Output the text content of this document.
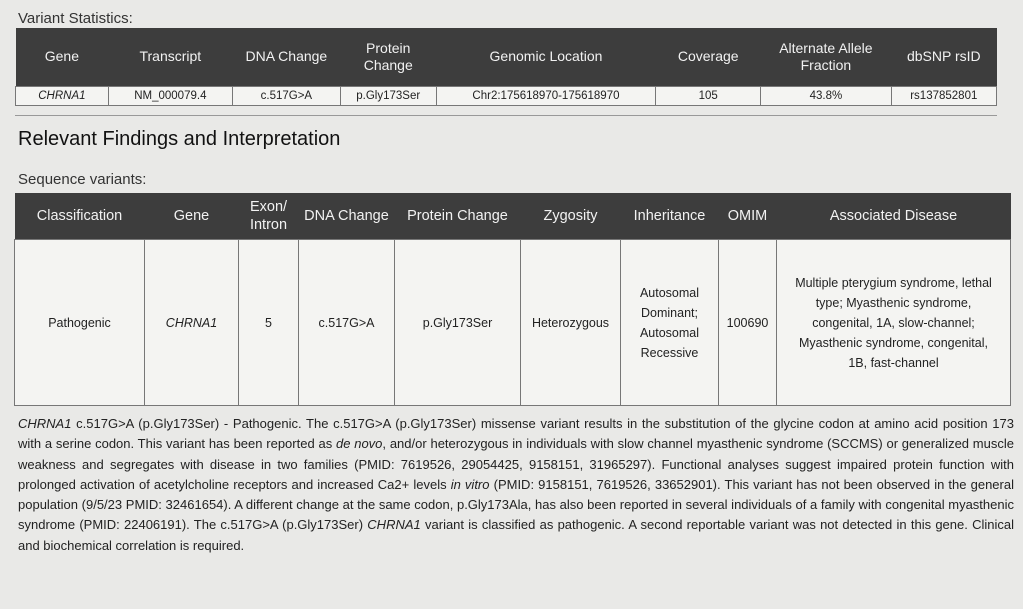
Variant Statistics:
Gene	Transcript	DNA Change	Protein Change	Genomic Location	Coverage	Alternate Allele Fraction	dbSNP rsID
CHRNA1	NM_000079.4	c.517G>A	p.Gly173Ser	Chr2:175618970-175618970	105	43.8%	rs137852801
Relevant Findings and Interpretation
Sequence variants:
Classification	Gene	Exon/ Intron	DNA Change	Protein Change	Zygosity	Inheritance	OMIM	Associated Disease
Pathogenic	CHRNA1	5	c.517G>A	p.Gly173Ser	Heterozygous	Autosomal Dominant; Autosomal Recessive	100690	Multiple pterygium syndrome, lethal type; Myasthenic syndrome, congenital, 1A, slow-channel; Myasthenic syndrome, congenital, 1B, fast-channel
CHRNA1 c.517G>A (p.Gly173Ser) - Pathogenic. The c.517G>A (p.Gly173Ser) missense variant results in the substitution of the glycine codon at amino acid position 173 with a serine codon. This variant has been reported as de novo, and/or heterozygous in individuals with slow channel myasthenic syndrome (SCCMS) or generalized muscle weakness and segregates with disease in two families (PMID: 7619526, 29054425, 9158151, 31965297). Functional analyses suggest impaired protein function with prolonged activation of acetylcholine receptors and increased Ca2+ levels in vitro (PMID: 9158151, 7619526, 33652901). This variant has not been observed in the general population (9/5/23 PMID: 32461654). A different change at the same codon, p.Gly173Ala, has also been reported in several individuals of a family with congenital myasthenic syndrome (PMID: 22406191). The c.517G>A (p.Gly173Ser) CHRNA1 variant is classified as pathogenic. A second reportable variant was not detected in this gene. Clinical and biochemical correlation is required.
